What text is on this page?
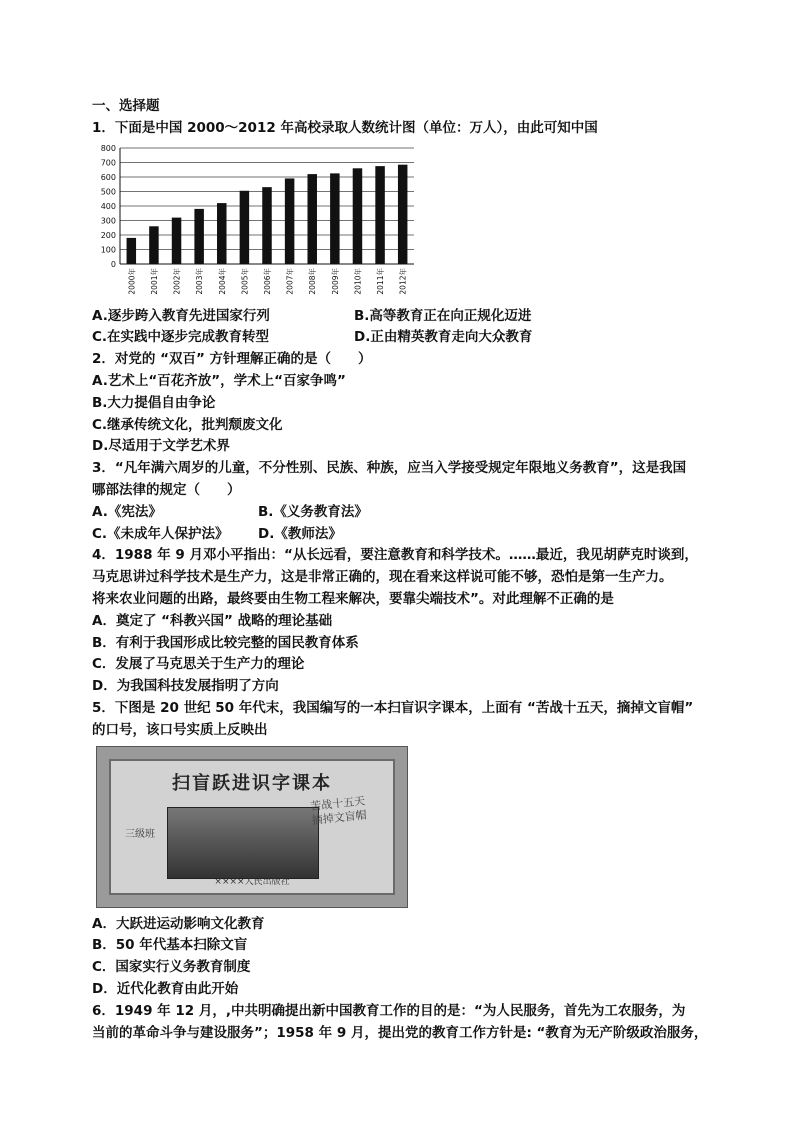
一、选择题
1．下面是中国 2000～2012 年高校录取人数统计图（单位：万人），由此可知中国
0
100
200
300
400
500
600
700
800
2000年 2001年 2002年 2003年 2004年 2005年 2006年 2007年 2008年 2009年 2010年 2011年 2012年
A.逐步跨入教育先进国家行列	B.高等教育正在向正规化迈进
C.在实践中逐步完成教育转型	D.正由精英教育走向大众教育
2．对党的 “双百” 方针理解正确的是（　　）
A.艺术上“百花齐放”，学术上“百家争鸣”
B.大力提倡自由争论
C.继承传统文化，批判颓废文化
D.尽适用于文学艺术界
3．“凡年满六周岁的儿童，不分性别、民族、种族，应当入学接受规定年限地义务教育”，这是我国
哪部法律的规定（　　）
A.《宪法》	B.《义务教育法》
C.《未成年人保护法》	D.《教师法》
4．1988 年 9 月邓小平指出：“从长远看，要注意教育和科学技术。……最近，我见胡萨克时谈到，
马克思讲过科学技术是生产力，这是非常正确的，现在看来这样说可能不够，恐怕是第一生产力。
将来农业问题的出路，最终要由生物工程来解决，要靠尖端技术”。对此理解不正确的是
A．奠定了 “科教兴国” 战略的理论基础
B．有利于我国形成比较完整的国民教育体系
C．发展了马克思关于生产力的理论
D．为我国科技发展指明了方向
5．下图是 20 世纪 50 年代末，我国编写的一本扫盲识字课本，上面有 “苦战十五天，摘掉文盲帽”
的口号，该口号实质上反映出
扫盲跃进识字课本
苦战十五天 摘掉文盲帽
三级班
××××人民出版社
A．大跃进运动影响文化教育
B．50 年代基本扫除文盲
C．国家实行义务教育制度
D．近代化教育由此开始
6．1949 年 12 月，,中共明确提出新中国教育工作的目的是：“为人民服务，首先为工农服务，为
当前的革命斗争与建设服务”；1958 年 9 月，提出党的教育工作方针是: “教育为无产阶级政治服务，
